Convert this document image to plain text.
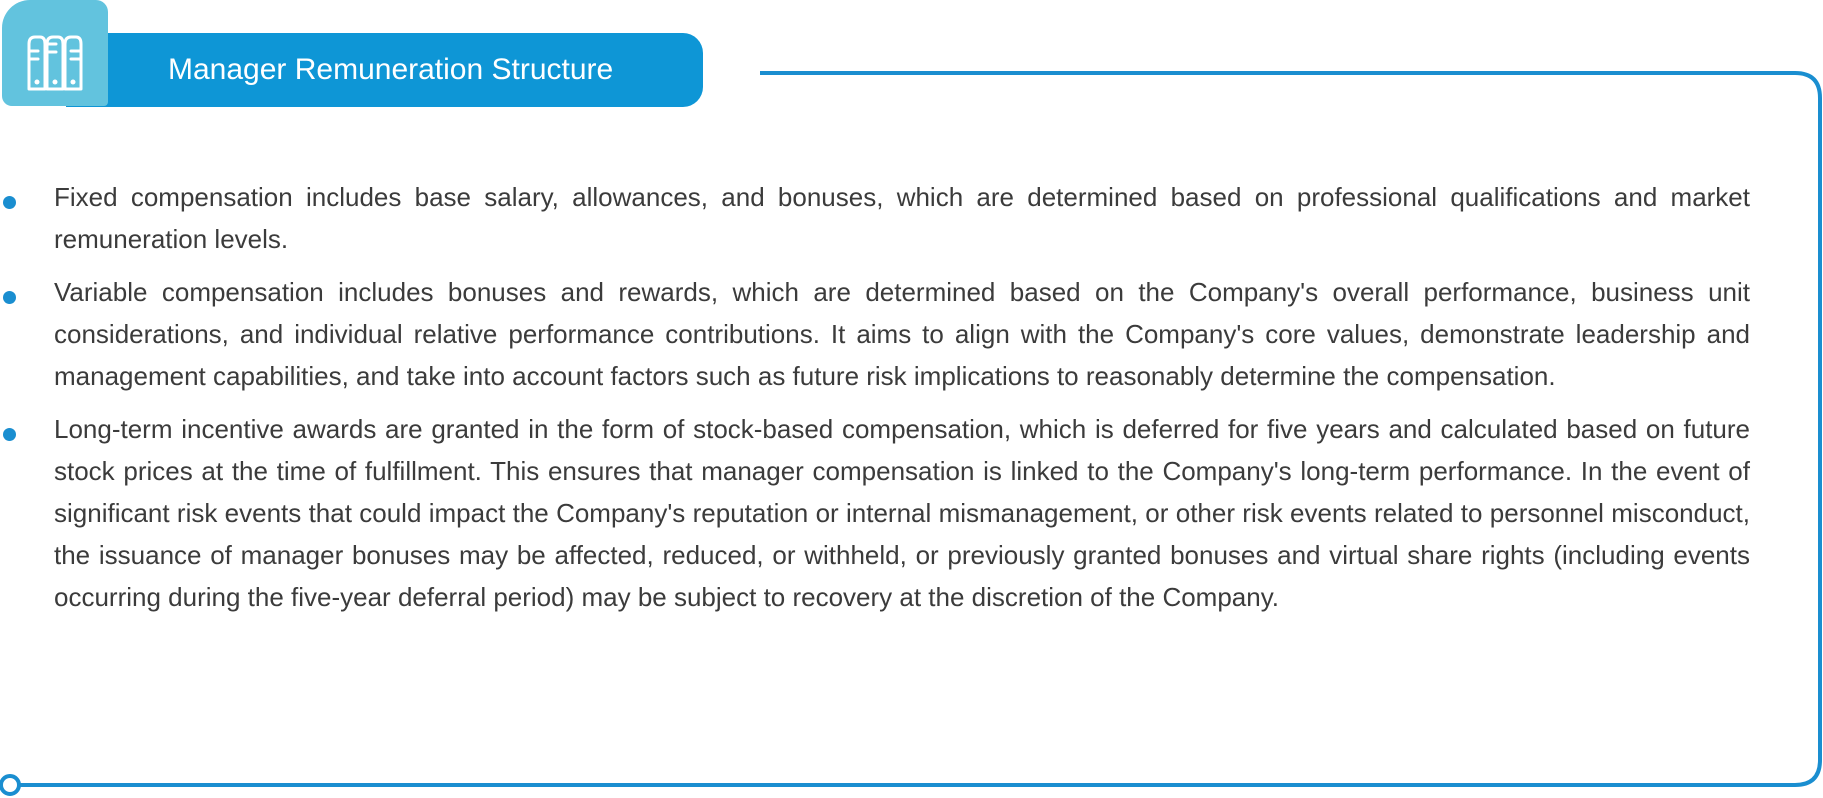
Manager Remuneration Structure
Fixed compensation includes base salary, allowances, and bonuses, which are determined based on professional qualifications and market remuneration levels.
Variable compensation includes bonuses and rewards, which are determined based on the Company's overall performance, business unit considerations, and individual relative performance contributions. It aims to align with the Company's core values, demonstrate leadership and management capabilities, and take into account factors such as future risk implications to reasonably determine the compensation.
Long-term incentive awards are granted in the form of stock-based compensation, which is deferred for five years and calculated based on future stock prices at the time of fulfillment. This ensures that manager compensation is linked to the Company's long-term performance. In the event of significant risk events that could impact the Company's reputation or internal mismanagement, or other risk events related to personnel misconduct, the issuance of manager bonuses may be affected, reduced, or withheld, or previously granted bonuses and virtual share rights (including events occurring during the five-year deferral period) may be subject to recovery at the discretion of the Company.
